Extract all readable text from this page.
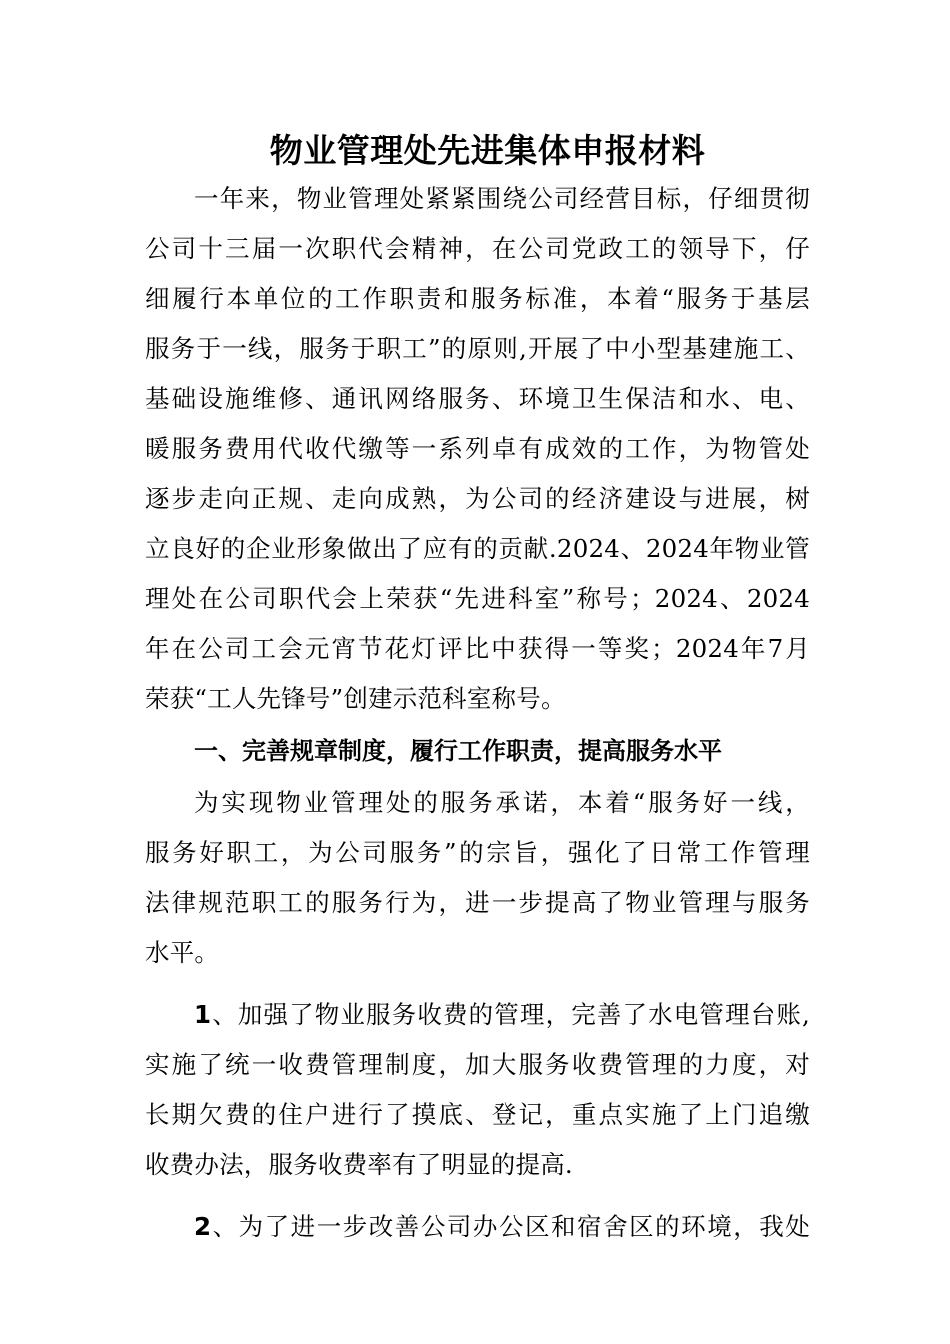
物业管理处先进集体申报材料
一年来，物业管理处紧紧围绕公司经营目标，仔细贯彻
公司十三届一次职代会精神，在公司党政工的领导下，仔
细履行本单位的工作职责和服务标准，本着“服务于基层
服务于一线，服务于职工”的原则,开展了中小型基建施工、
基础设施维修、通讯网络服务、环境卫生保洁和水、电、
暖服务费用代收代缴等一系列卓有成效的工作，为物管处
逐步走向正规、走向成熟，为公司的经济建设与进展，树
立良好的企业形象做出了应有的贡献.2024、2024年物业管
理处在公司职代会上荣获“先进科室”称号；2024、2024
年在公司工会元宵节花灯评比中获得一等奖；2024年7月
荣获“工人先锋号”创建示范科室称号。
一、完善规章制度，履行工作职责，提高服务水平
为实现物业管理处的服务承诺，本着“服务好一线，
服务好职工，为公司服务”的宗旨，强化了日常工作管理
法律规范职工的服务行为，进一步提高了物业管理与服务
水平。
1、加强了物业服务收费的管理，完善了水电管理台账,
实施了统一收费管理制度，加大服务收费管理的力度，对
长期欠费的住户进行了摸底、登记，重点实施了上门追缴
收费办法，服务收费率有了明显的提高.
2、为了进一步改善公司办公区和宿舍区的环境，我处
